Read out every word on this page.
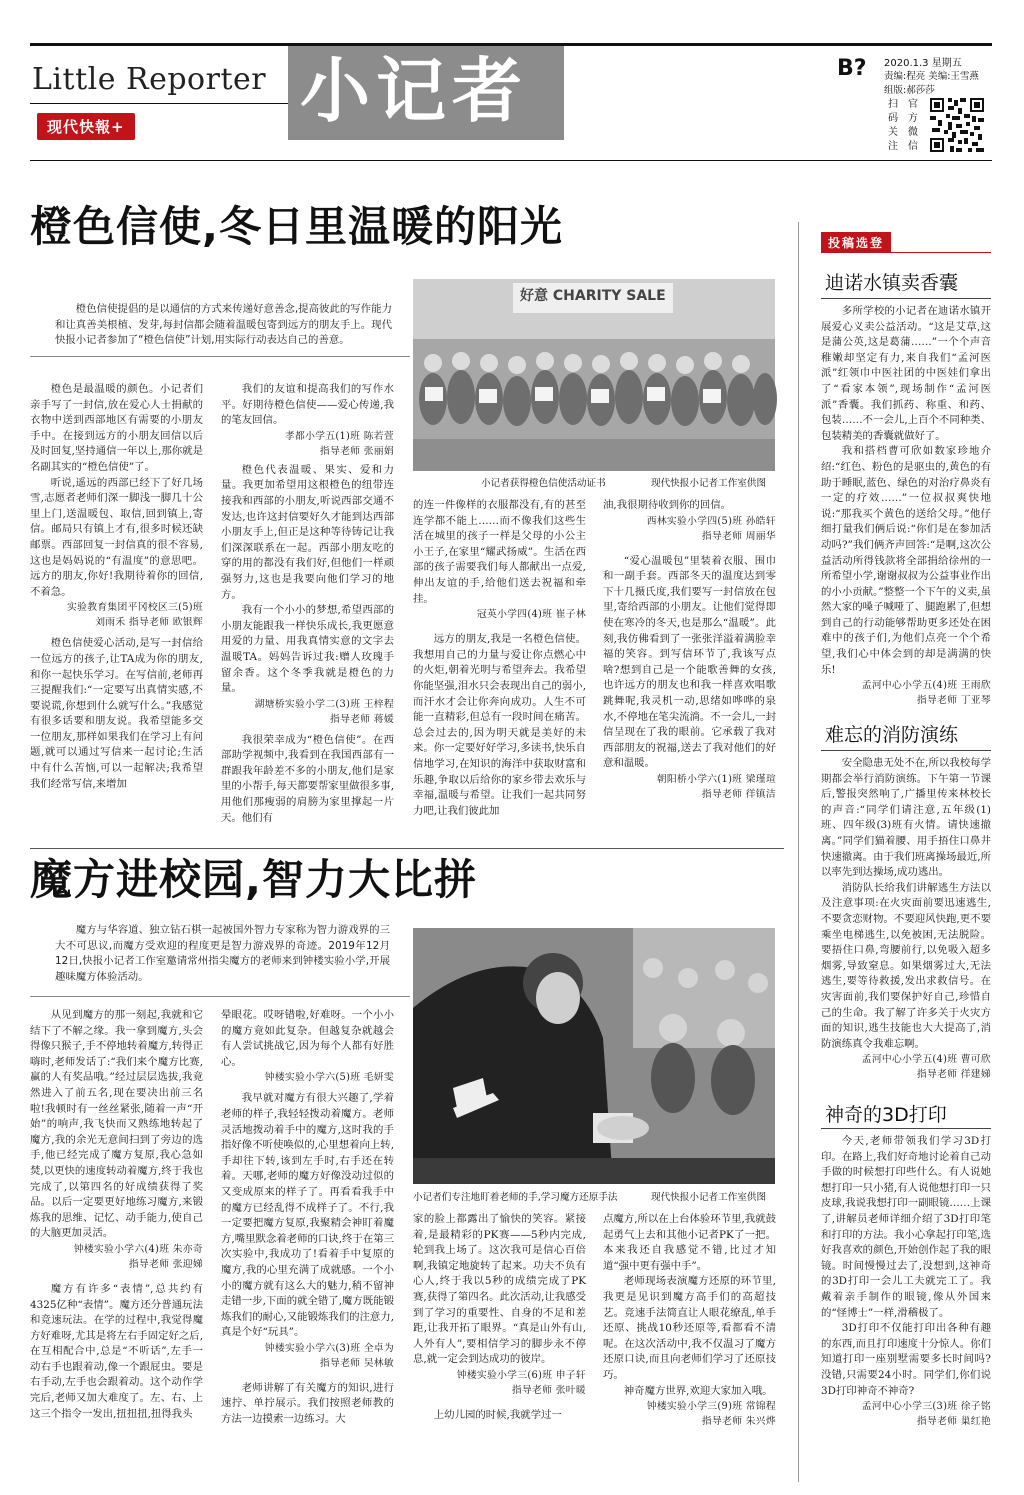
Little Reporter
现代快報+	小记者	B? 2020.1.3 星期五
责编:程亮 美编:王雪燕
组版:郝莎莎
扫
码
关
注
官
方
微
信
橙色信使,冬日里温暖的阳光
橙色信使提倡的是以通信的方式来传递好意善念,提高彼此的写作能力和让真善美根植、发芽,每封信都会随着温暖包寄到远方的朋友手上。现代快报小记者参加了“橙色信使”计划,用实际行动表达自己的善意。
好意 CHARITY SALE
小记者获得橙色信使活动证书	现代快报小记者工作室供图

橙色是最温暖的颜色。小记者们亲手写了一封信,放在爱心人士捐献的衣物中送到西部地区有需要的小朋友手中。在接到远方的小朋友回信以后及时回复,坚持通信一年以上,那你就是名副其实的“橙色信使”了。

听说,遥远的西部已经下了好几场雪,志愿者老师们深一脚浅一脚几十公里上门,送温暖包、取信,回到镇上,寄信。邮局只有镇上才有,很多时候还缺邮票。西部回复一封信真的很不容易,这也是妈妈说的“有温度”的意思吧。远方的朋友,你好!我期待着你的回信,不着急。

实验教育集团平冈校区三(5)班
刘雨禾 指导老师 欧银辉

橙色信使爱心活动,是写一封信给一位远方的孩子,让TA成为你的朋友,和你一起快乐学习。在写信前,老师再三提醒我们:“一定要写出真情实感,不要说谎,你想到什么就写什么。”我感觉有很多话要和朋友说。我希望能多交一位朋友,那样如果我们在学习上有问题,就可以通过写信来一起讨论;生活中有什么苦恼,可以一起解决;我希望我们经常写信,来增加

我们的友谊和提高我们的写作水平。好期待橙色信使——爱心传递,我的笔友回信。

孝都小学五(1)班 陈若萱
指导老师 张丽娟

橙色代表温暖、果实、爱和力量。我更加希望用这根橙色的纽带连接我和西部的小朋友,听说西部交通不发达,也许这封信要好久才能到达西部小朋友手上,但正是这种等待铸记让我们深深联系在一起。西部小朋友吃的穿的用的都没有我们好,但他们一样顽强努力,这也是我要向他们学习的地方。

我有一个小小的梦想,希望西部的小朋友能跟我一样快乐成长,我更愿意用爱的力量、用我真情实意的文字去温暖TA。妈妈告诉过我:赠人玫瑰手留余香。这个冬季我就是橙色的力量。

湖塘桥实验小学二(3)班 王梓程
指导老师 蒋媛

我很荣幸成为“橙色信使”。在西部助学视频中,我看到在我国西部有一群跟我年龄差不多的小朋友,他们是家里的小帮手,每天都要帮家里做很多事,用他们那瘦弱的肩膀为家里撑起一片天。他们有

的连一件像样的衣服都没有,有的甚至连学都不能上……而不像我们这些生活在城里的孩子一样是父母的小公主小王子,在家里“耀武扬威”。生活在西部的孩子需要我们每人都献出一点爱,伸出友谊的手,给他们送去祝福和牵挂。

冠英小学四(4)班 崔子林

远方的朋友,我是一名橙色信使。我想用自己的力量与爱让你点燃心中的火炬,朝着光明与希望奔去。我希望你能坚强,泪水只会表现出自己的弱小,而汗水才会让你奔向成功。人生不可能一直精彩,但总有一段时间在痛苦。总会过去的,因为明天就是美好的未来。你一定要好好学习,多读书,快乐自信地学习,在知识的海洋中获取财富和乐趣,争取以后给你的家乡带去欢乐与幸福,温暖与希望。让我们一起共同努力吧,让我们彼此加

油,我很期待收到你的回信。

西林实验小学四(5)班 孙皓轩
指导老师 周丽华

“爱心温暖包”里装着衣服、围巾和一副手套。西部冬天的温度达到零下十几摄氏度,我们要写一封信放在包里,寄给西部的小朋友。让他们觉得即使在寒冷的冬天,也是那么“温暖”。此刻,我仿佛看到了一张张洋溢着满脸幸福的笑容。到写信环节了,我该写点啥?想到自己是一个能歌善舞的女孩,也许远方的朋友也和我一样喜欢唱歌跳舞呢,我灵机一动,思绪如哗哗的泉水,不停地在笔尖流淌。不一会儿,一封信呈现在了我的眼前。它承载了我对西部朋友的祝福,送去了我对他们的好意和温暖。

朝阳桥小学六(1)班 梁瑾瑄
指导老师 徉镇洁
魔方进校园,智力大比拼
魔方与华容道、独立钻石棋一起被国外智力专家称为智力游戏界的三大不可思议,而魔方受欢迎的程度更是智力游戏界的奇迹。2019年12月12日,快报小记者工作室邀请常州指尖魔方的老师来到钟楼实验小学,开展趣味魔方体验活动。
小记者们专注地盯着老师的手,学习魔方还原手法	现代快报小记者工作室供图

从见到魔方的那一刻起,我就和它结下了不解之缘。我一拿到魔方,头会得像只猴子,手不停地转着魔方,转得正嗨时,老师发话了:“我们来个魔方比赛,赢的人有奖品哦。”经过层层选拔,我竟然进入了前五名,现在要决出前三名啦!我顿时有一丝丝紧张,随着一声“开始”的响声,我飞快而又熟练地转起了魔方,我的余光无意间扫到了旁边的选手,他已经完成了魔方复原,我心急如焚,以更快的速度转动着魔方,终于我也完成了,以第四名的好成绩获得了奖品。以后一定要更好地练习魔方,来锻炼我的思维、记忆、动手能力,使自己的大脑更加灵活。

钟楼实验小学六(4)班 朱亦奇
指导老师 张迎娣

魔方有许多“表情”,总共约有4325亿种“表情”。魔方还分普通玩法和竞速玩法。在学的过程中,我觉得魔方好难呀,尤其是将左右手固定好之后,在互相配合中,总是“不听话”,左手一动右手也跟着动,像一个跟屁虫。要是右手动,左手也会跟着动。这个动作学完后,老师又加大难度了。左、右、上这三个指令一发出,扭扭扭,扭得我头

晕眼花。哎呀错啦,好难呀。一个小小的魔方竟如此复杂。但越复杂就越会有人尝试挑战它,因为每个人都有好胜心。

钟楼实验小学六(5)班 毛妍雯

我早就对魔方有很大兴趣了,学着老师的样子,我轻轻拨动着魔方。老师灵活地拨动着手中的魔方,这时我的手指好像不听使唤似的,心里想着向上转,手却往下转,该到左手时,右手还在转着。天哪,老师的魔方好像没动过似的又变成原来的样子了。再看看我手中的魔方已经乱得不成样子了。不行,我一定要把魔方复原,我聚精会神盯着魔方,嘴里默念着老师的口诀,终于在第三次实验中,我成功了!看着手中复原的魔方,我的心里充满了成就感。一个小小的魔方就有这么大的魅力,稍不留神走错一步,下面的就全错了,魔方既能锻炼我们的耐心,又能锻炼我们的注意力,真是个好“玩具”。

钟楼实验小学六(3)班 全卓为
指导老师 吴林敏

老师讲解了有关魔方的知识,进行速拧、单拧展示。我们按照老师教的方法一边摸索一边练习。大

家的脸上都露出了愉快的笑容。紧接着,是最精彩的PK赛——5秒内完成,轮到我上场了。这次我可是信心百倍啊,我镇定地旋转了起来。功夫不负有心人,终于我以5秒的成绩完成了PK赛,获得了第四名。此次活动,让我感受到了学习的重要性、自身的不足和差距,让我开拓了眼界。“真是山外有山,人外有人”,要相信学习的脚步永不停息,就一定会到达成功的彼岸。

钟楼实验小学三(6)班 申子轩
指导老师 张叶暖

上幼儿园的时候,我就学过一

点魔方,所以在上台体验环节里,我就鼓起勇气上去和其他小记者PK了一把。本来我还自我感觉不错,比过才知道“强中更有强中手”。

老师现场表演魔方还原的环节里,我更是见识到魔方高手们的高超技艺。竞速手法简直让人眼花缭乱,单手还原、挑战10秒还原等,看都看不清呢。在这次活动中,我不仅温习了魔方还原口诀,而且向老师们学习了还原技巧。

神奇魔方世界,欢迎大家加入哦。

钟楼实验小学三(9)班 常锦程
指导老师 朱兴烨
投稿选登
迪诺水镇卖香囊

多所学校的小记者在迪诺水镇开展爱心义卖公益活动。“这是艾草,这是蒲公英,这是葛蒲……”一个个声音稚嫩却坚定有力,来自我们“孟河医派”红领巾中医社团的中医娃们拿出了“看家本领”,现场制作“孟河医派”香囊。我们抓药、称重、和药、包装……不一会儿,上百个不同种类、包装精美的香囊就做好了。

我和搭档曹可欣如数家珍地介绍:“红色、粉色的是驱虫的,黄色的有助于睡眠,蓝色、绿色的对治疗鼻炎有一定的疗效……”一位叔叔爽快地说:“那我买个黄色的送给父母。”他仔细打量我们俩后说:“你们是在参加活动吗?”我们俩齐声回答:“是啊,这次公益活动所得钱款将全部捐给徐州的一所希望小学,谢谢叔叔为公益事业作出的小小贡献。”整整一个下午的义卖,虽然大家的嗓子喊哑了、腿跑累了,但想到自己的行动能够帮助更多还处在困难中的孩子们,为他们点亮一个个希望,我们心中体会到的却是满满的快乐!

孟河中心小学五(4)班 王雨欣
指导老师 丁亚琴
难忘的消防演练

安全隐患无处不在,所以我校每学期都会举行消防演练。下午第一节课后,警报突然响了,广播里传来林校长的声音:“同学们请注意,五年级(1)班、四年级(3)班有火情。请快速撤离。”同学们猫着腰、用手捂住口鼻井快速撤离。由于我们班离操场最近,所以率先到达操场,成功逃出。

消防队长给我们讲解逃生方法以及注意事项:在火灾面前要迅速逃生,不要贪恋财物。不要迎风快跑,更不要乘坐电梯逃生,以免被困,无法脱险。要捂住口鼻,弯腰前行,以免吸入超多烟雾,导致窒息。如果烟雾过大,无法逃生,要等待救援,发出求救信号。在灾害面前,我们要保护好自己,珍惜自己的生命。我了解了许多关于火灾方面的知识,逃生技能也大大提高了,消防演练真令我难忘啊。

孟河中心小学五(4)班 曹可欣
指导老师 徉建娣
神奇的3D打印

今天,老师带领我们学习3D打印。在路上,我们好奇地讨论着自己动手做的时候想打印些什么。有人说她想打印一只小猪,有人说他想打印一只皮球,我说我想打印一副眼镜……上课了,讲解员老师详细介绍了3D打印笔和打印的方法。我小心拿起打印笔,选好我喜欢的颜色,开始创作起了我的眼镜。时间慢慢过去了,没想到,这神奇的3D打印一会儿工夫就完工了。我戴着亲手制作的眼镜,像从外国来的“怪博士”一样,滑稽极了。

3D打印不仅能打印出各种有趣的东西,而且打印速度十分惊人。你们知道打印一座别墅需要多长时间吗?没错,只需要24小时。同学们,你们说3D打印神奇不神奇?

孟河中心小学三(3)班 徐子铭
指导老师 巢红艳
